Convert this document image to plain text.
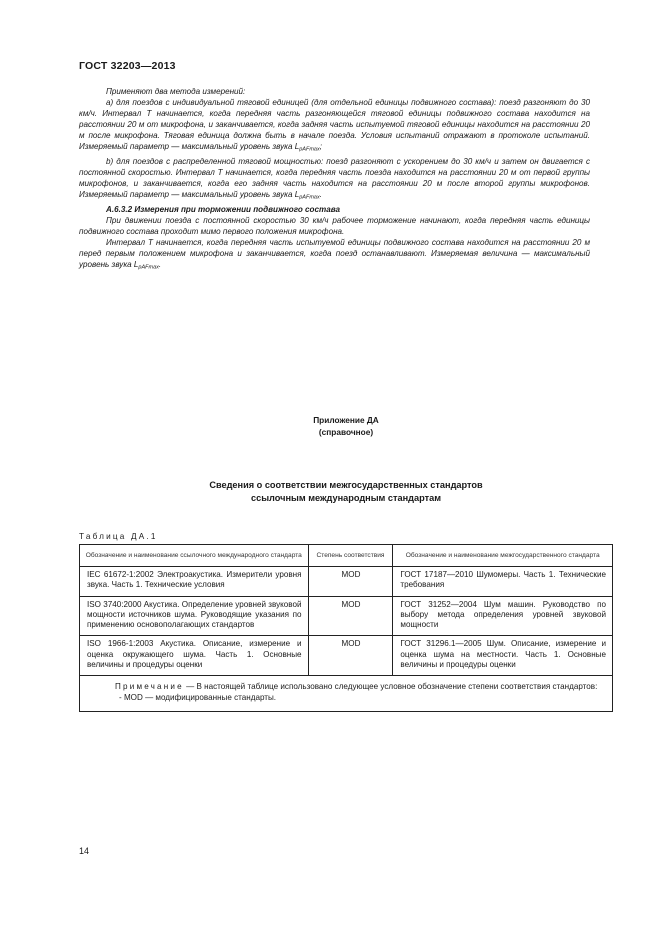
ГОСТ 32203—2013

Применяют два метода измерений:

а) для поездов с индивидуальной тяговой единицей (для отдельной единицы подвижного состава): поезд разгоняют до 30 км/ч. Интервал Т начинается, когда передняя часть разгоняющейся тяговой единицы подвижного состава находится на расстоянии 20 м от микрофона, и заканчивается, когда задняя часть испытуемой тяговой единицы находится на расстоянии 20 м после микрофона. Тяговая единица должна быть в начале поезда. Условия испытаний отражают в протоколе испытаний. Измеряемый параметр — максимальный уровень звука $L_{pAFmax}$;

b) для поездов с распределенной тяговой мощностью: поезд разгоняют с ускорением до 30 км/ч и затем он двигается с постоянной скоростью. Интервал Т начинается, когда передняя часть поезда находится на расстоянии 20 м от первой группы микрофонов, и заканчивается, когда его задняя часть находится на расстоянии 20 м после второй группы микрофонов. Измеряемый параметр — максимальный уровень звука $L_{pAFmax}$.

А.6.3.2 Измерения при торможении подвижного состава

При движении поезда с постоянной скоростью 30 км/ч рабочее торможение начинают, когда передняя часть единицы подвижного состава проходит мимо первого положения микрофона.

Интервал Т начинается, когда передняя часть испытуемой единицы подвижного состава находится на расстоянии 20 м перед первым положением микрофона и заканчивается, когда поезд останавливают. Измеряемая величина — максимальный уровень звука $L_{pAFmax}$.

Приложение ДА
(справочное)
Сведения о соответствии межгосударственных стандартов
ссылочным международным стандартам
Таблица ДА.1
Обозначение и наименование ссылочного международного стандарта	Степень соответствия	Обозначение и наименование межгосударственного стандарта
IEC 61672-1:2002 Электроакустика. Измерители уровня звука. Часть 1. Технические условия	MOD	ГОСТ 17187—2010 Шумомеры. Часть 1. Технические требования
ISO 3740:2000 Акустика. Определение уровней звуковой мощности источников шума. Руководящие указания по применению основополагающих стандартов	MOD	ГОСТ 31252—2004 Шум машин. Руководство по выбору метода определения уровней звуковой мощности
ISO 1966-1:2003 Акустика. Описание, измерение и оценка окружающего шума. Часть 1. Основные величины и процедуры оценки	MOD	ГОСТ 31296.1—2005 Шум. Описание, измерение и оценка шума на местности. Часть 1. Основные величины и процедуры оценки

Примечание — В настоящей таблице использовано следующее условное обозначение степени соответствия стандартов:
- MOD — модифицированные стандарты.		
14
